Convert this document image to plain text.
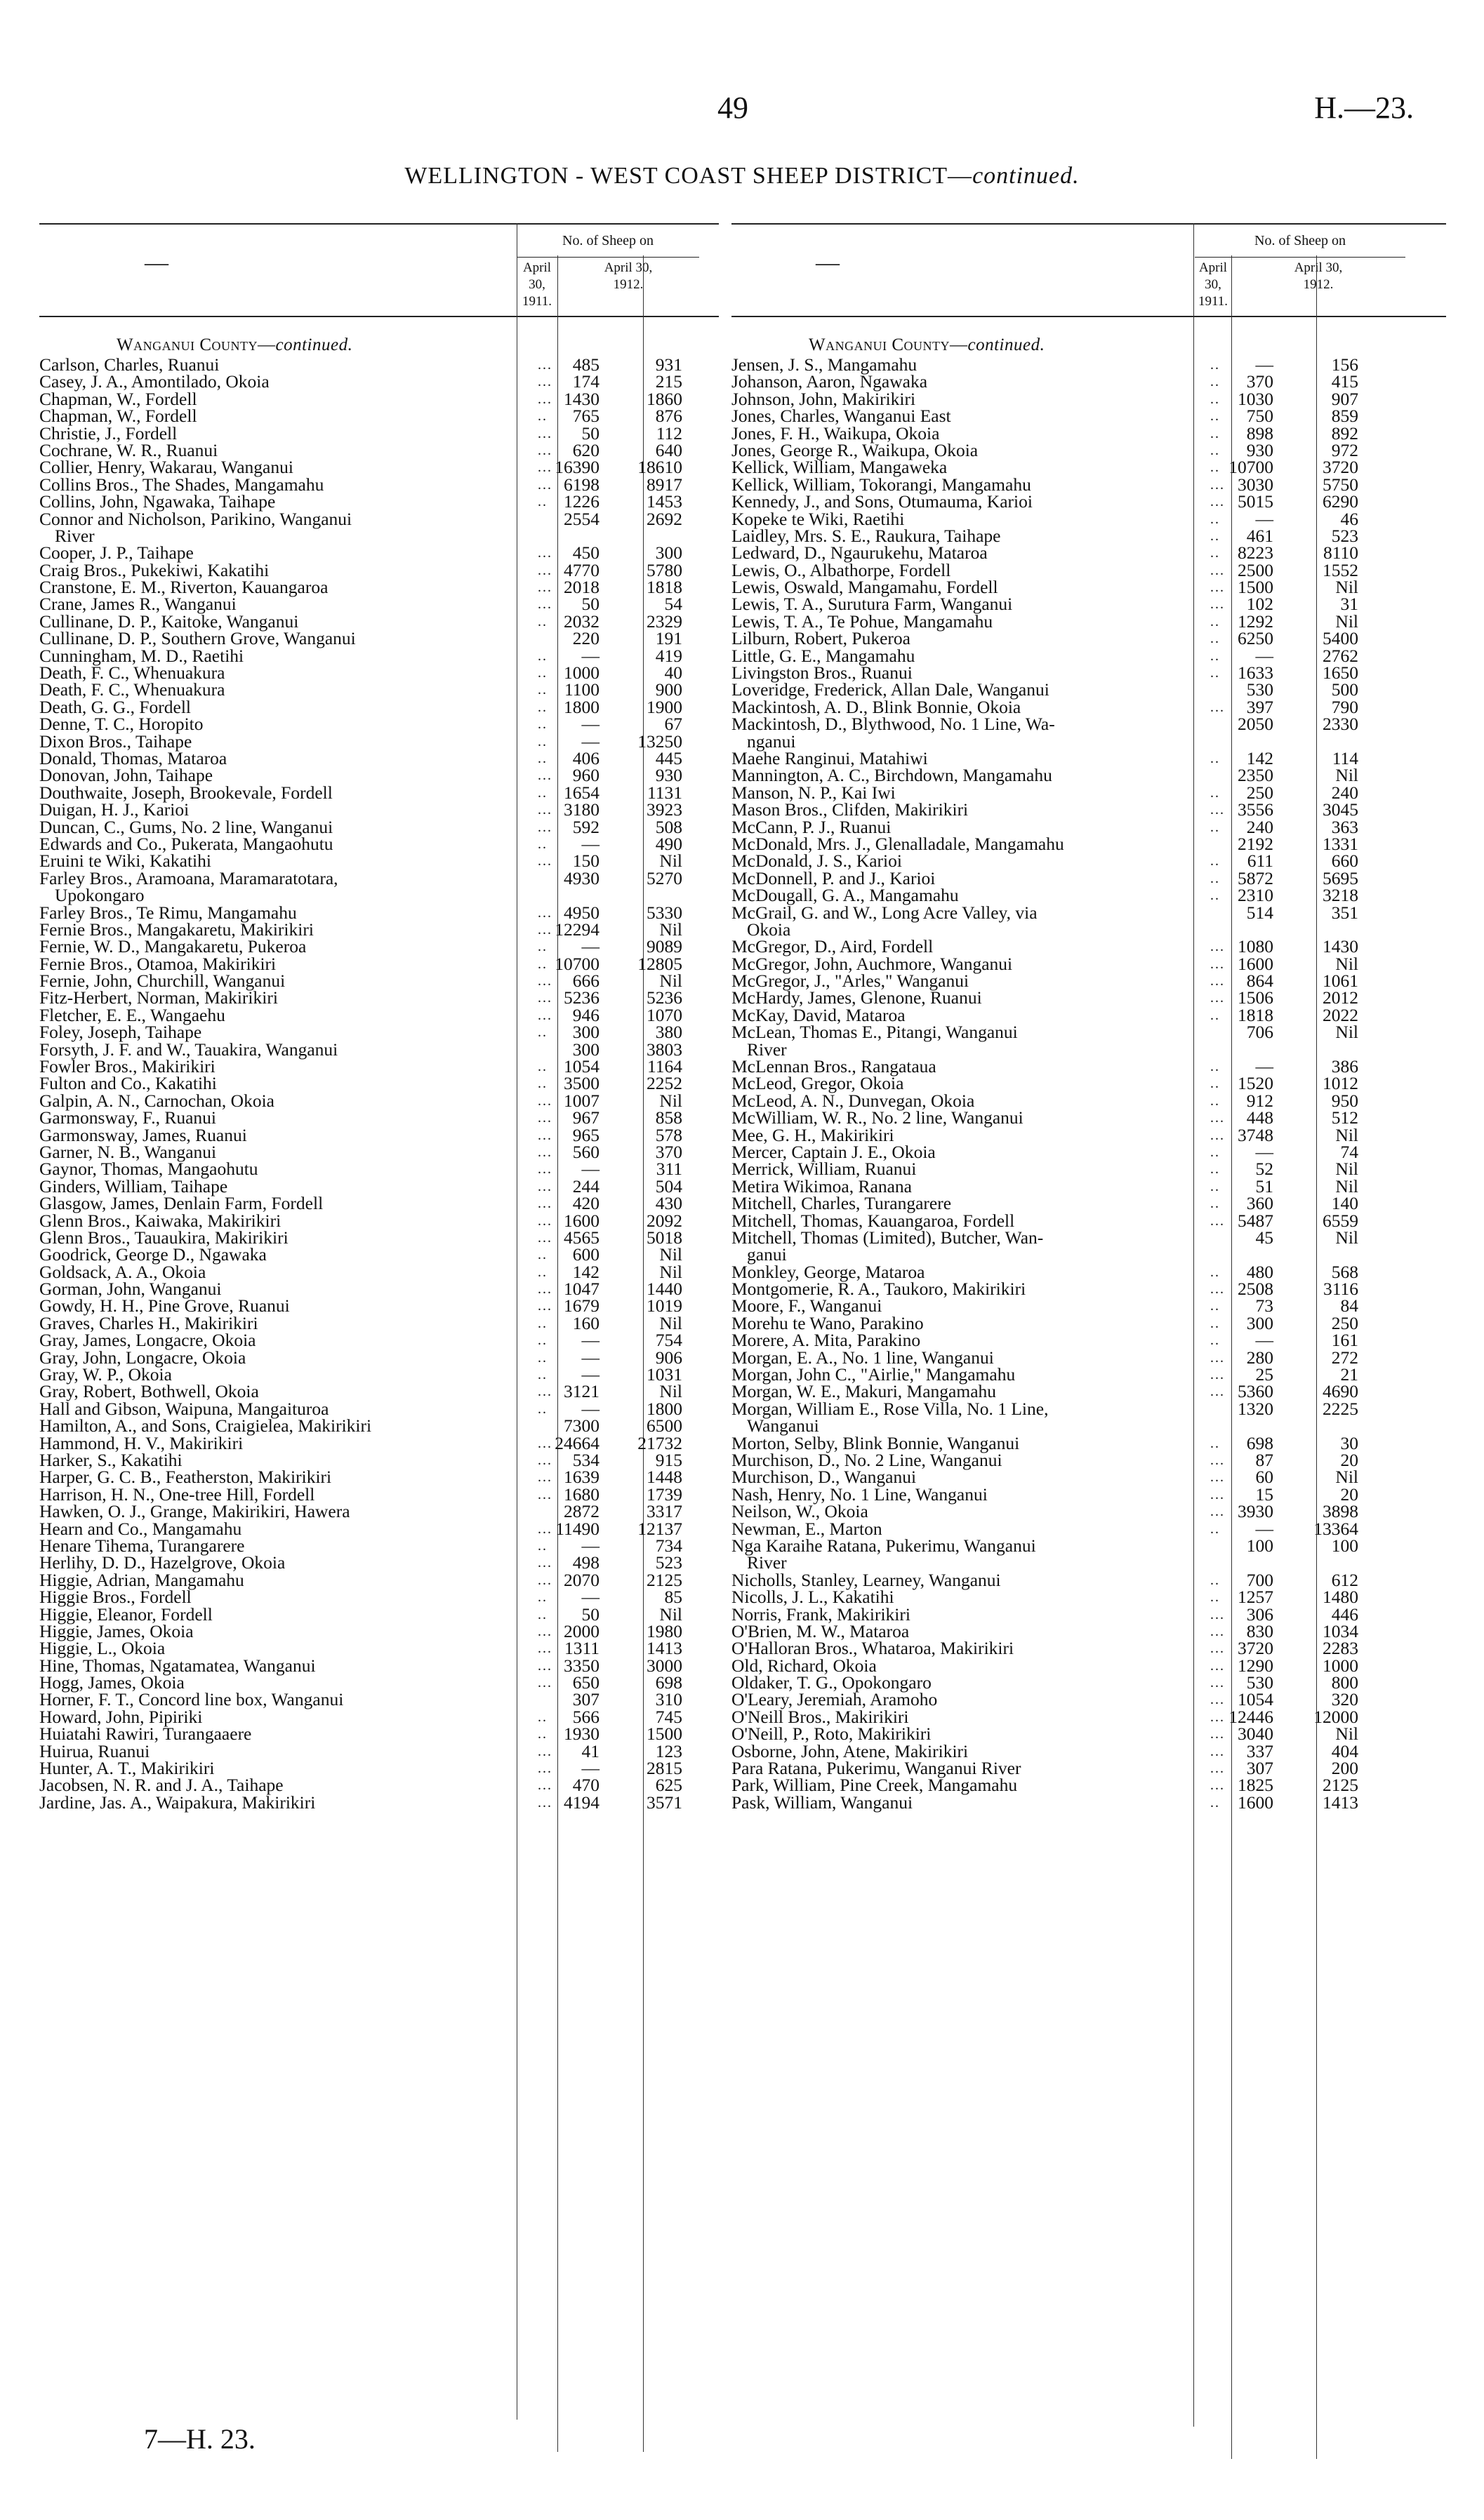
49	H.—23.
WELLINGTON - WEST COAST SHEEP DISTRICT—continued.
—
No. of Sheep on
April 30,
1911.
April 30,
1912.
Wanganui County—continued.
Carlson, Charles, Ruanui	...	485	931
Casey, J. A., Amontilado, Okoia	...	174	215
Chapman, W., Fordell	... 1430	1860
Chapman, W., Fordell	..	765	876
Christie, J., Fordell	...	50	112
Cochrane, W. R., Ruanui	...	620	640
Collier, Henry, Wakarau, Wanganui	... 16390	18610
Collins Bros., The Shades, Mangamahu	... 6198	8917
Collins, John, Ngawaka, Taihape	.. 1226	1453
Connor and Nicholson, Parikino, Wanganui	2554	2692
River
Cooper, J. P., Taihape	...	450	300
Craig Bros., Pukekiwi, Kakatihi	... 4770	5780
Cranstone, E. M., Riverton, Kauangaroa	... 2018	1818
Crane, James R., Wanganui	...	50	54
Cullinane, D. P., Kaitoke, Wanganui	.. 2032	2329
Cullinane, D. P., Southern Grove, Wanganui	220	191
Cunningham, M. D., Raetihi	..	—	419
Death, F. C., Whenuakura	.. 1000	40
Death, F. C., Whenuakura	.. 1100	900
Death, G. G., Fordell	.. 1800	1900
Denne, T. C., Horopito	..	—	67
Dixon Bros., Taihape	..	—	13250
Donald, Thomas, Mataroa	..	406	445
Donovan, John, Taihape	...	960	930
Douthwaite, Joseph, Brookevale, Fordell	.. 1654	1131
Duigan, H. J., Karioi	... 3180	3923
Duncan, C., Gums, No. 2 line, Wanganui	...	592	508
Edwards and Co., Pukerata, Mangaohutu	..	—	490
Eruini te Wiki, Kakatihi	...	150	Nil
Farley Bros., Aramoana, Maramaratotara,	4930	5270
Upokongaro
Farley Bros., Te Rimu, Mangamahu	... 4950	5330
Fernie Bros., Mangakaretu, Makirikiri	... 12294	Nil
Fernie, W. D., Mangakaretu, Pukeroa	..	—	9089
Fernie Bros., Otamoa, Makirikiri	.. 10700	12805
Fernie, John, Churchill, Wanganui	...	666	Nil
Fitz-Herbert, Norman, Makirikiri	... 5236	5236
Fletcher, E. E., Wangaehu	...	946	1070
Foley, Joseph, Taihape	..	300	380
Forsyth, J. F. and W., Tauakira, Wanganui	300	3803
Fowler Bros., Makirikiri	.. 1054	1164
Fulton and Co., Kakatihi	.. 3500	2252
Galpin, A. N., Carnochan, Okoia	... 1007	Nil
Garmonsway, F., Ruanui	...	967	858
Garmonsway, James, Ruanui	...	965	578
Garner, N. B., Wanganui	...	560	370
Gaynor, Thomas, Mangaohutu	...	—	311
Ginders, William, Taihape	...	244	504
Glasgow, James, Denlain Farm, Fordell	...	420	430
Glenn Bros., Kaiwaka, Makirikiri	... 1600	2092
Glenn Bros., Tauaukira, Makirikiri	... 4565	5018
Goodrick, George D., Ngawaka	..	600	Nil
Goldsack, A. A., Okoia	..	142	Nil
Gorman, John, Wanganui	... 1047	1440
Gowdy, H. H., Pine Grove, Ruanui	... 1679	1019
Graves, Charles H., Makirikiri	..	160	Nil
Gray, James, Longacre, Okoia	..	—	754
Gray, John, Longacre, Okoia	..	—	906
Gray, W. P., Okoia	..	—	1031
Gray, Robert, Bothwell, Okoia	... 3121	Nil
Hall and Gibson, Waipuna, Mangaituroa	..	—	1800
Hamilton, A., and Sons, Craigielea, Makirikiri	7300	6500
Hammond, H. V., Makirikiri	... 24664	21732
Harker, S., Kakatihi	...	534	915
Harper, G. C. B., Featherston, Makirikiri	... 1639	1448
Harrison, H. N., One-tree Hill, Fordell	... 1680	1739
Hawken, O. J., Grange, Makirikiri, Hawera	2872	3317
Hearn and Co., Mangamahu	... 11490	12137
Henare Tihema, Turangarere	..	—	734
Herlihy, D. D., Hazelgrove, Okoia	...	498	523
Higgie, Adrian, Mangamahu	... 2070	2125
Higgie Bros., Fordell	..	—	85
Higgie, Eleanor, Fordell	..	50	Nil
Higgie, James, Okoia	... 2000	1980
Higgie, L., Okoia	... 1311	1413
Hine, Thomas, Ngatamatea, Wanganui	... 3350	3000
Hogg, James, Okoia	...	650	698
Horner, F. T., Concord line box, Wanganui	307	310
Howard, John, Pipiriki	..	566	745
Huiatahi Rawiri, Turangaaere	.. 1930	1500
Huirua, Ruanui	...	41	123
Hunter, A. T., Makirikiri	...	—	2815
Jacobsen, N. R. and J. A., Taihape	...	470	625
Jardine, Jas. A., Waipakura, Makirikiri	... 4194	3571
—
No. of Sheep on
April 30,
1911.
April 30,
1912.
Wanganui County—continued.
Jensen, J. S., Mangamahu	..	—	156
Johanson, Aaron, Ngawaka	..	370	415
Johnson, John, Makirikiri	.. 1030	907
Jones, Charles, Wanganui East	..	750	859
Jones, F. H., Waikupa, Okoia	..	898	892
Jones, George R., Waikupa, Okoia	..	930	972
Kellick, William, Mangaweka	.. 10700	3720
Kellick, William, Tokorangi, Mangamahu	... 3030	5750
Kennedy, J., and Sons, Otumauma, Karioi	... 5015	6290
Kopeke te Wiki, Raetihi	..	—	46
Laidley, Mrs. S. E., Raukura, Taihape	..	461	523
Ledward, D., Ngaurukehu, Mataroa	.. 8223	8110
Lewis, O., Albathorpe, Fordell	... 2500	1552
Lewis, Oswald, Mangamahu, Fordell	... 1500	Nil
Lewis, T. A., Surutura Farm, Wanganui	...	102	31
Lewis, T. A., Te Pohue, Mangamahu	.. 1292	Nil
Lilburn, Robert, Pukeroa	.. 6250	5400
Little, G. E., Mangamahu	..	—	2762
Livingston Bros., Ruanui	.. 1633	1650
Loveridge, Frederick, Allan Dale, Wanganui	530	500
Mackintosh, A. D., Blink Bonnie, Okoia	...	397	790
Mackintosh, D., Blythwood, No. 1 Line, Wa-	2050	2330
nganui
Maehe Ranginui, Matahiwi	..	142	114
Mannington, A. C., Birchdown, Mangamahu	2350	Nil
Manson, N. P., Kai Iwi	..	250	240
Mason Bros., Clifden, Makirikiri	... 3556	3045
McCann, P. J., Ruanui	..	240	363
McDonald, Mrs. J., Glenalladale, Mangamahu	2192	1331
McDonald, J. S., Karioi	..	611	660
McDonnell, P. and J., Karioi	.. 5872	5695
McDougall, G. A., Mangamahu	.. 2310	3218
McGrail, G. and W., Long Acre Valley, via	514	351
Okoia
McGregor, D., Aird, Fordell	... 1080	1430
McGregor, John, Auchmore, Wanganui	... 1600	Nil
McGregor, J., "Arles," Wanganui	...	864	1061
McHardy, James, Glenone, Ruanui	... 1506	2012
McKay, David, Mataroa	.. 1818	2022
McLean, Thomas E., Pitangi, Wanganui	706	Nil
River
McLennan Bros., Rangataua	..	—	386
McLeod, Gregor, Okoia	.. 1520	1012
McLeod, A. N., Dunvegan, Okoia	..	912	950
McWilliam, W. R., No. 2 line, Wanganui	...	448	512
Mee, G. H., Makirikiri	... 3748	Nil
Mercer, Captain J. E., Okoia	..	—	74
Merrick, William, Ruanui	..	52	Nil
Metira Wikimoa, Ranana	..	51	Nil
Mitchell, Charles, Turangarere	..	360	140
Mitchell, Thomas, Kauangaroa, Fordell	... 5487	6559
Mitchell, Thomas (Limited), Butcher, Wan-	45	Nil
ganui
Monkley, George, Mataroa	..	480	568
Montgomerie, R. A., Taukoro, Makirikiri	... 2508	3116
Moore, F., Wanganui	..	73	84
Morehu te Wano, Parakino	..	300	250
Morere, A. Mita, Parakino	..	—	161
Morgan, E. A., No. 1 line, Wanganui	...	280	272
Morgan, John C., "Airlie," Mangamahu	...	25	21
Morgan, W. E., Makuri, Mangamahu	... 5360	4690
Morgan, William E., Rose Villa, No. 1 Line,	1320	2225
Wanganui
Morton, Selby, Blink Bonnie, Wanganui	..	698	30
Murchison, D., No. 2 Line, Wanganui	...	87	20
Murchison, D., Wanganui	...	60	Nil
Nash, Henry, No. 1 Line, Wanganui	...	15	20
Neilson, W., Okoia	... 3930	3898
Newman, E., Marton	..	—	13364
Nga Karaihe Ratana, Pukerimu, Wanganui	100	100
River
Nicholls, Stanley, Learney, Wanganui	..	700	612
Nicolls, J. L., Kakatihi	.. 1257	1480
Norris, Frank, Makirikiri	...	306	446
O'Brien, M. W., Mataroa	...	830	1034
O'Halloran Bros., Whataroa, Makirikiri	... 3720	2283
Old, Richard, Okoia	... 1290	1000
Oldaker, T. G., Opokongaro	...	530	800
O'Leary, Jeremiah, Aramoho	... 1054	320
O'Neill Bros., Makirikiri	... 12446	12000
O'Neill, P., Roto, Makirikiri	... 3040	Nil
Osborne, John, Atene, Makirikiri	...	337	404
Para Ratana, Pukerimu, Wanganui River	...	307	200
Park, William, Pine Creek, Mangamahu	... 1825	2125
Pask, William, Wanganui	.. 1600	1413
7—H. 23.
